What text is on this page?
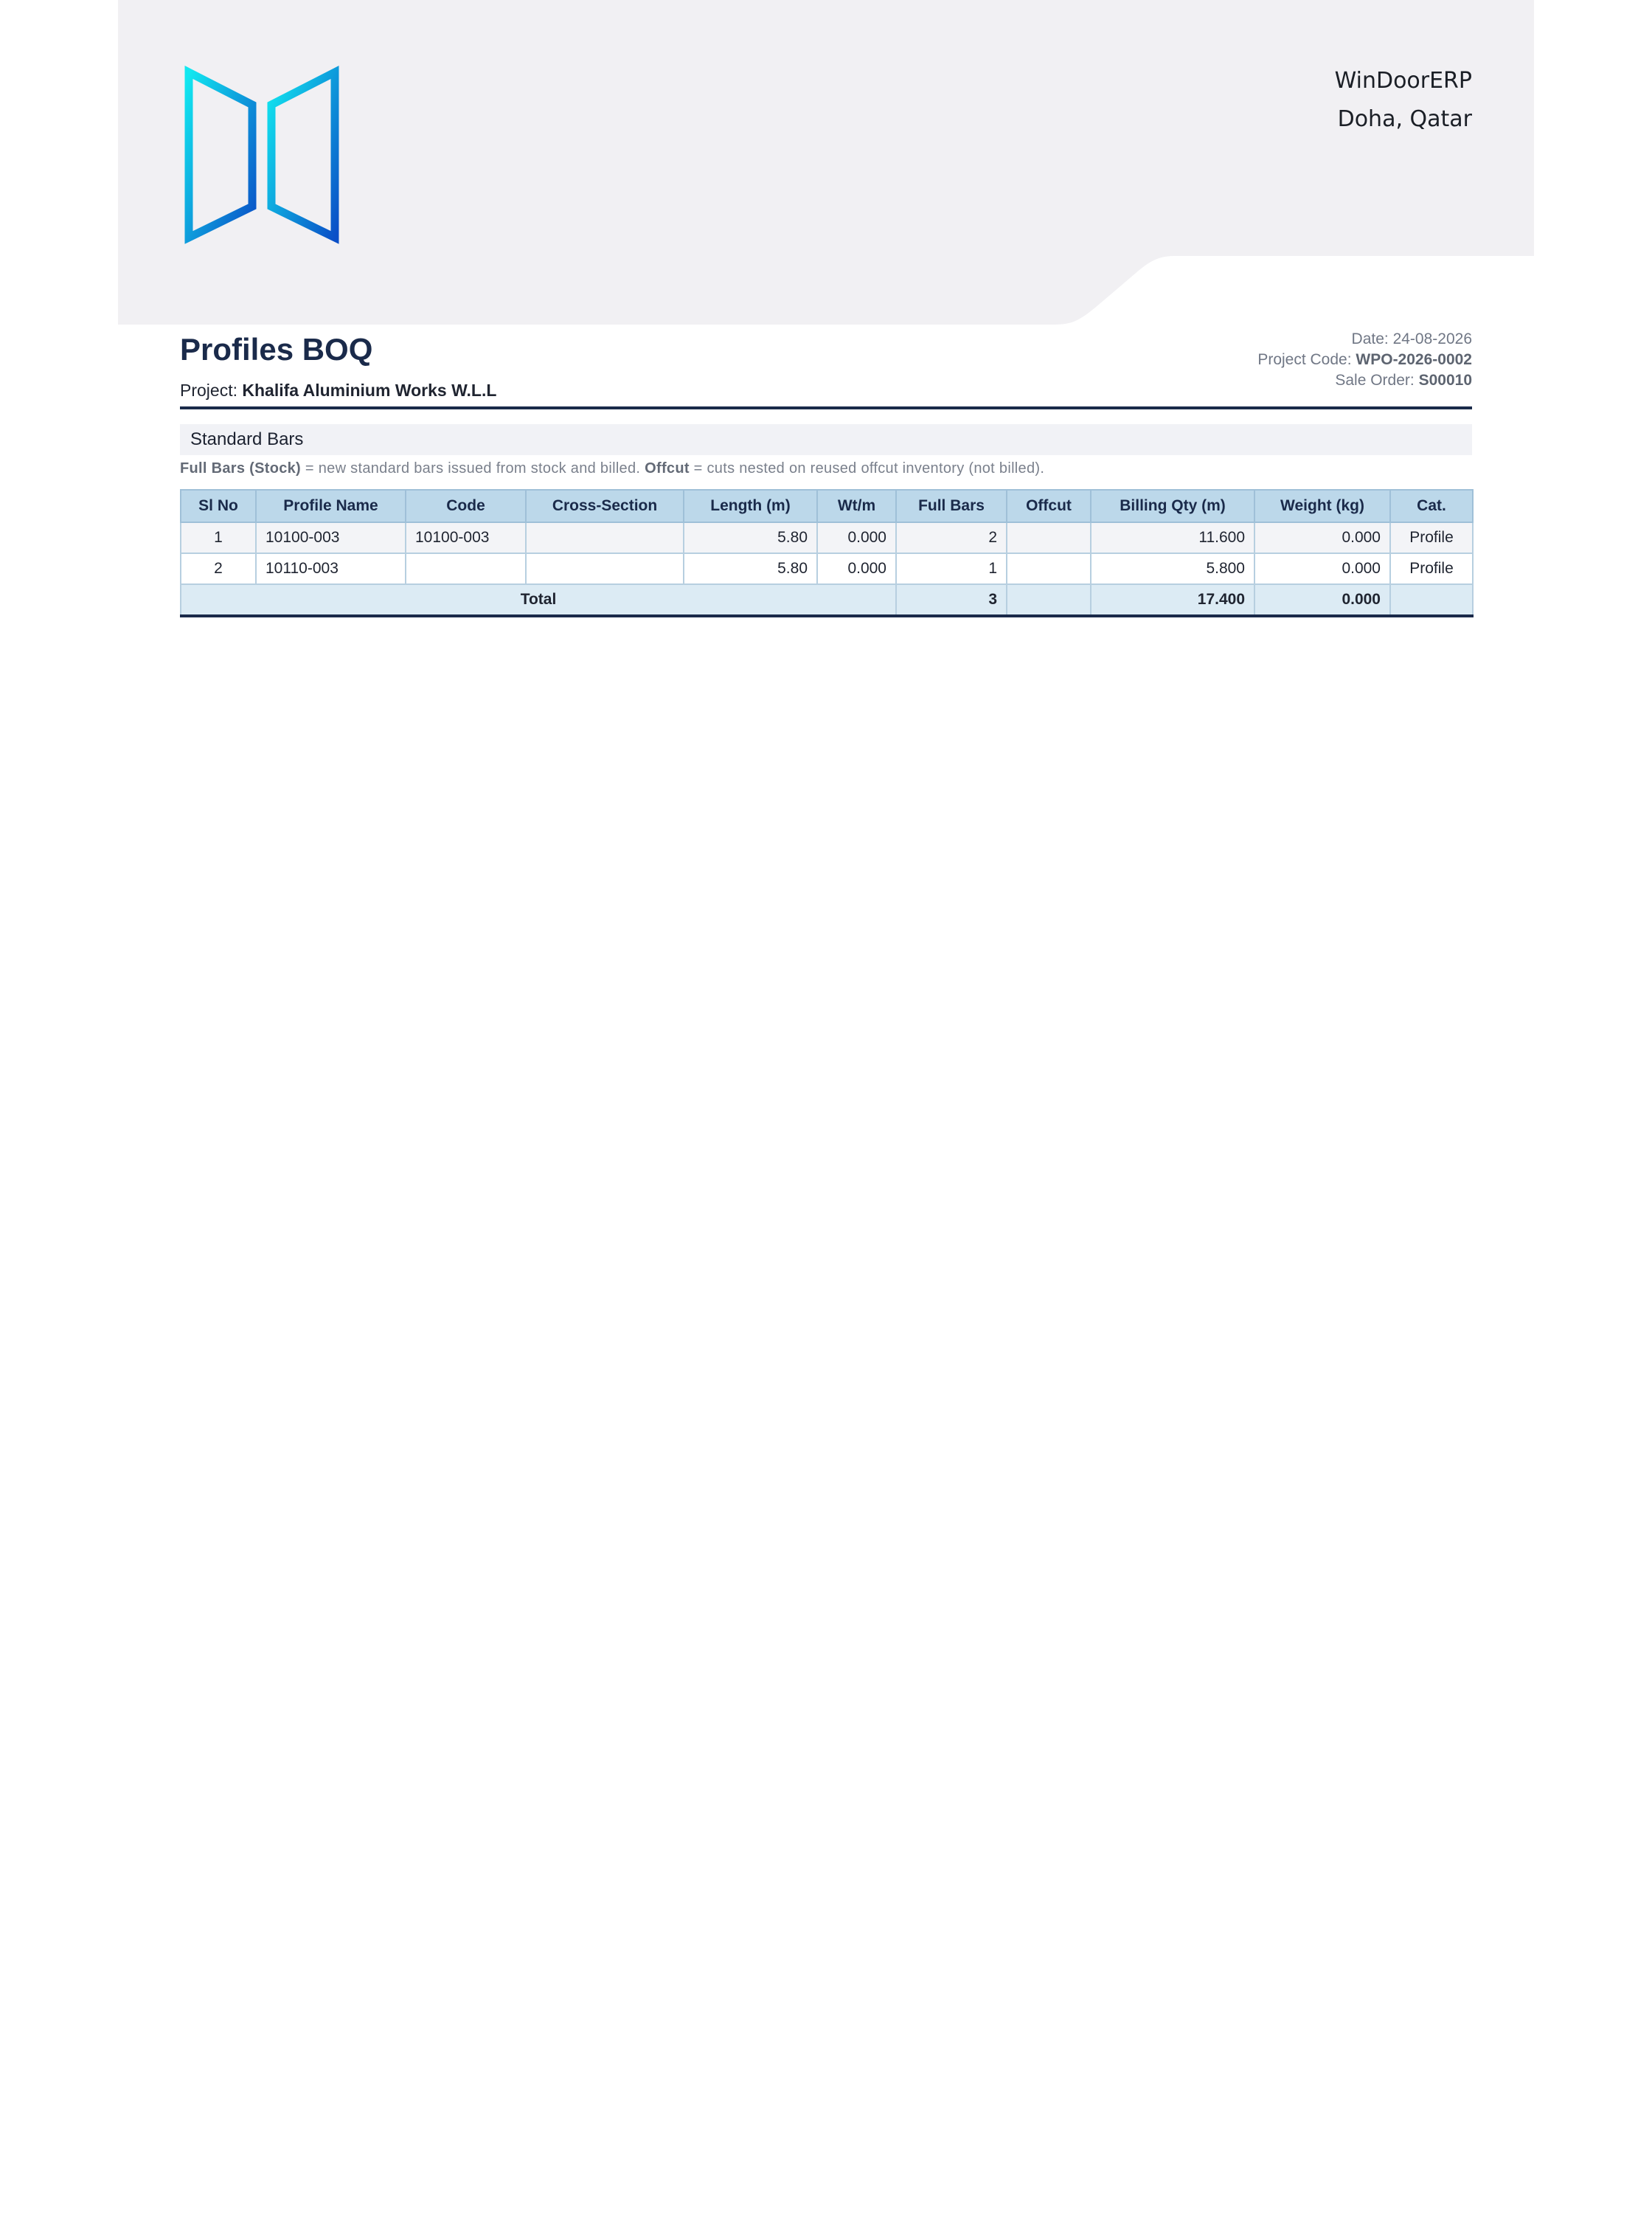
WinDoorERP
Doha, Qatar
Profiles BOQ
Project: Khalifa Aluminium Works W.L.L
Date: 24-08-2026
Project Code: WPO-2026-0002
Sale Order: S00010
Standard Bars
Full Bars (Stock) = new standard bars issued from stock and billed. Offcut = cuts nested on reused offcut inventory (not billed).
Sl No	Profile Name	Code	Cross-Section	Length (m)	Wt/m	Full Bars	Offcut	Billing Qty (m)	Weight (kg)	Cat.
1	10100-003	10100-003		5.80	0.000	2		11.600	0.000	Profile
2	10110-003			5.80	0.000	1		5.800	0.000	Profile
Total						3		17.400	0.000	
